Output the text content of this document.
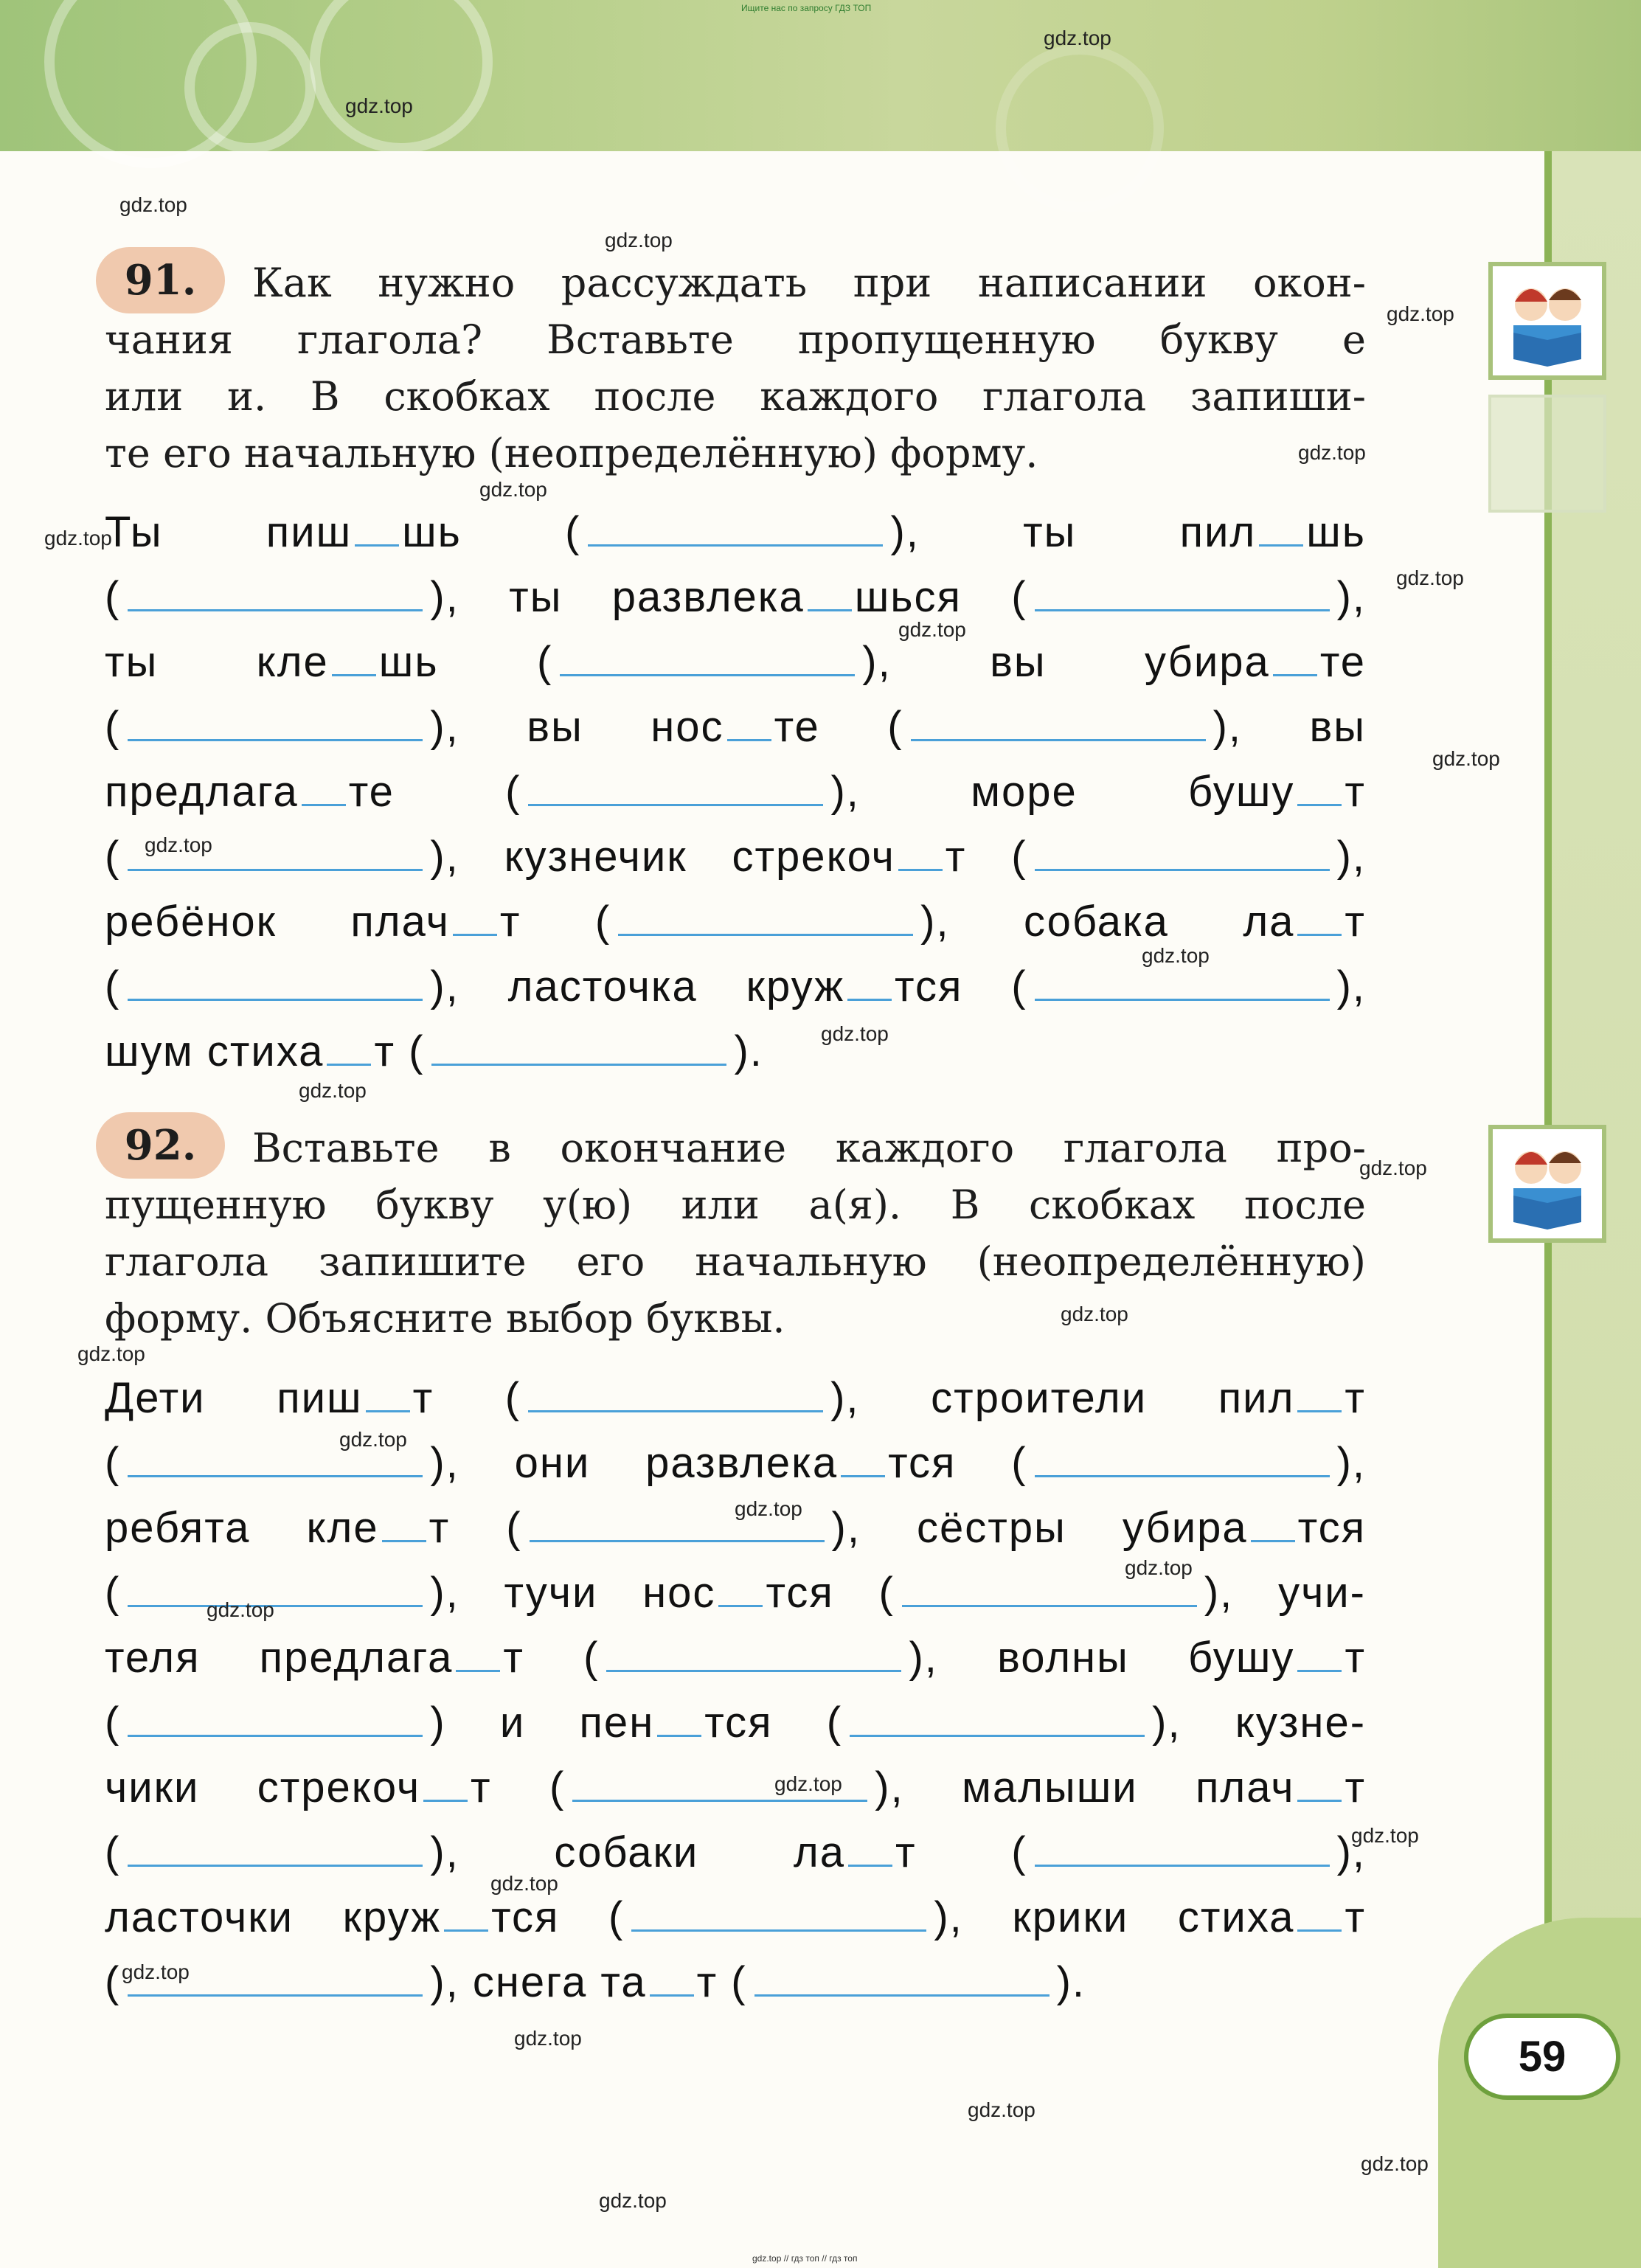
Ищите нас по запросу ГДЗ ТОП
91.	Как нужно рассуждать при написании окон-
чания глагола? Вставьте пропущенную букву е
или и. В скобках после каждого глагола запиши-
те его начальную (неопределённую) форму.
Ты пиш шь (	), ты пил шь
(	), ты развлека шься (	),
ты кле шь (	), вы убира те
(	), вы нос те (	), вы
предлага те (	), море бушу т
(	), кузнечик стрекоч т (	),
ребёнок плач т (	), собака ла т
(	), ласточка круж тся (	),
шум стиха т (	).
92.	Вставьте в окончание каждого глагола про-
пущенную букву у(ю) или а(я). В скобках после
глагола запишите его начальную (неопределённую)
форму. Объясните выбор буквы.
Дети пиш т (	), строители пил т
(	), они развлека тся (	),
ребята кле т (	), сёстры убира тся
(	), тучи нос тся (	), учи-
теля предлага т (	), волны бушу т
(	) и пен тся (	), кузне-
чики стрекоч т (	), малыши плач т
(	), собаки ла т (	),
ласточки круж тся (	), крики стиха т
(	), снега та т (	).
59
gdz.top
gdz.top
gdz.top
gdz.top
gdz.top
gdz.top
gdz.top
gdz.top
gdz.top
gdz.top
gdz.top
gdz.top
gdz.top
gdz.top
gdz.top
gdz.top
gdz.top
gdz.top
gdz.top
gdz.top
gdz.top
gdz.top
gdz.top
gdz.top
gdz.top
gdz.top
gdz.top
gdz.top
gdz.top
gdz.top
gdz.top // гдз топ // гдз топ
